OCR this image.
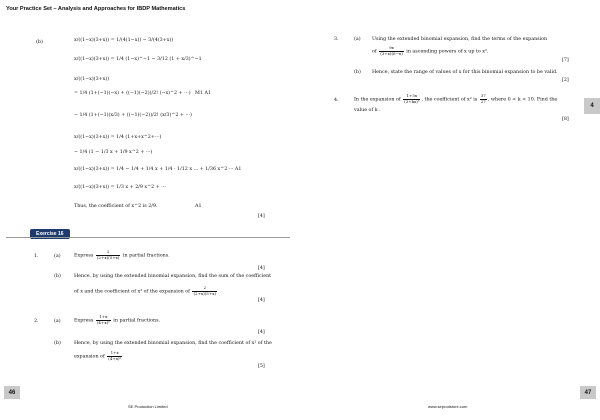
Your Practice Set – Analysis and Approaches for IBDP Mathematics
(b)	x/((1−x)(3+x)) = 1/(4(1−x)) − 3/(4(3+x))
x/((1−x)(3+x)) = 1/4 (1−x)^−1 − 3/12 (1 + x/3)^−1
x/((1−x)(3+x))
= 1/4 (1+(−1)(−x) + ((−1)(−2))/2! (−x)^2 + ···) M1 A1
− 1/4 (1+(−1)(x/3) + ((−1)(−2))/2! (x/3)^2 + ···)
x/((1−x)(3+x)) = 1/4 (1+x+x^2+···)
− 1/4 (1 − 1/3 x + 1/9 x^2 + ···)
x/((1−x)(3+x)) = 1/4 − 1/4 + 1/4 x + 1/4 · 1/12 x ... + 1/36 x^2 ··· A1
x/((1−x)(3+x)) = 1/3 x + 2/9 x^2 + ···
Thus, the coefficient of x^2 is 2/9.	A1
[4]
Exercise 16
1.	(a)	Express $\frac{2}{(2+x)(5+x)}$ in partial fractions.
[4]
(b)	Hence, by using the extended binomial expansion, find the sum of the coefficient
of x and the coefficient of x² of the expansion of $\frac{2}{(2+x)(5+x)}$
[4]
2.	(a)	Express $\frac{1+x}{\text{(4+x)²}}$ in partial fractions.
[4]
(b)	Hence, by using the extended binomial expansion, find the coefficient of x² of the
expansion of $\frac{1+x}{\text{(4+x)²}}$
[5]
46
SE Production Limited
3.	(a) Using the extended binomial expansion, find the terms of the expansion
of $\frac{9x}{(3+x)(6-x)}$ in ascending powers of x up to x².
[7]
(b) Hence, state the range of values of x for this binomial expansion to be valid.
[2]
4.	In the expansion of $\frac{1+5x}{\text{(3+kx)³}}$ , the coefficient of x² is $\frac{37}{27}$ , where 0 < k < 10. Find the
value of k .
[8]
47
www.seprodstore.com
4
